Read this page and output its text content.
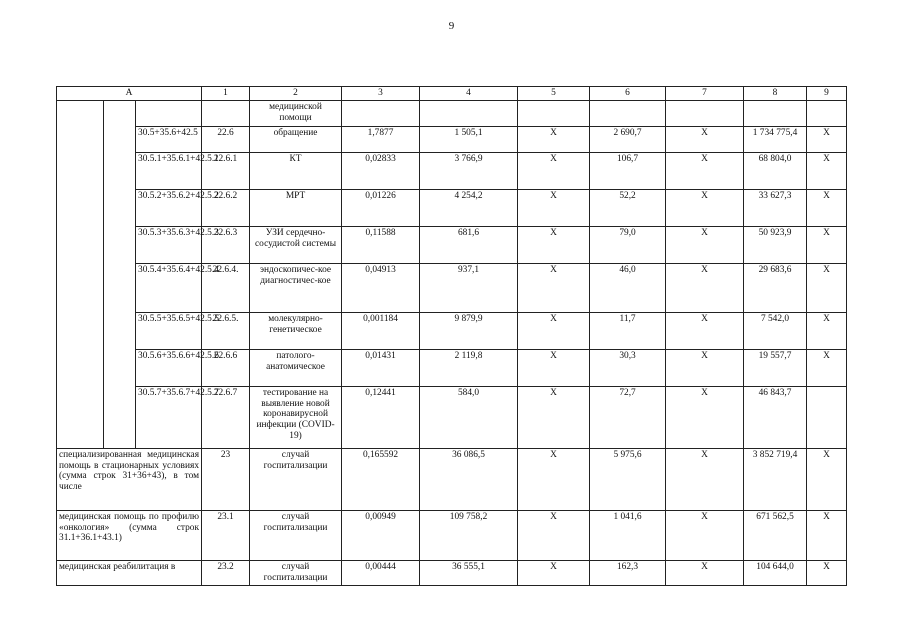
9
А			1	2	3	4	5	6	7	8	9
				медицинской помощи							
		30.5+35.6+42.5	22.6	обращение	1,7877	1 505,1	X	2 690,7	X	1 734 775,4	X
		30.5.1+35.6.1+42.5.1	22.6.1	КТ	0,02833	3 766,9	X	106,7	X	68 804,0	X
		30.5.2+35.6.2+42.5.2	22.6.2	МРТ	0,01226	4 254,2	X	52,2	X	33 627,3	X
		30.5.3+35.6.3+42.5.3	22.6.3	УЗИ сердечно-сосудистой системы	0,11588	681,6	X	79,0	X	50 923,9	X
		30.5.4+35.6.4+42.5.4	22.6.4.	эндоскопичес-кое диагностичес-кое	0,04913	937,1	X	46,0	X	29 683,6	X
		30.5.5+35.6.5+42.5.5	22.6.5.	молекулярно-генетическое	0,001184	9 879,9	X	11,7	X	7 542,0	X
		30.5.6+35.6.6+42.5.6	22.6.6	патолого-анатомическое	0,01431	2 119,8	X	30,3	X	19 557,7	X
		30.5.7+35.6.7+42.5.7	22.6.7	тестирование на выявление новой коронавирусной инфекции (COVID-19)	0,12441	584,0	X	72,7	X	46 843,7	
специализированная медицинская помощь в стационарных условиях (сумма строк 31+36+43), в том числе			23	случай госпитализации	0,165592	36 086,5	X	5 975,6	X	3 852 719,4	X
медицинская помощь по профилю «онкология» (сумма строк 31.1+36.1+43.1)			23.1	случай госпитализации	0,00949	109 758,2	X	1 041,6	X	671 562,5	X
медицинская реабилитация в			23.2	случай госпитализации	0,00444	36 555,1	X	162,3	X	104 644,0	X
